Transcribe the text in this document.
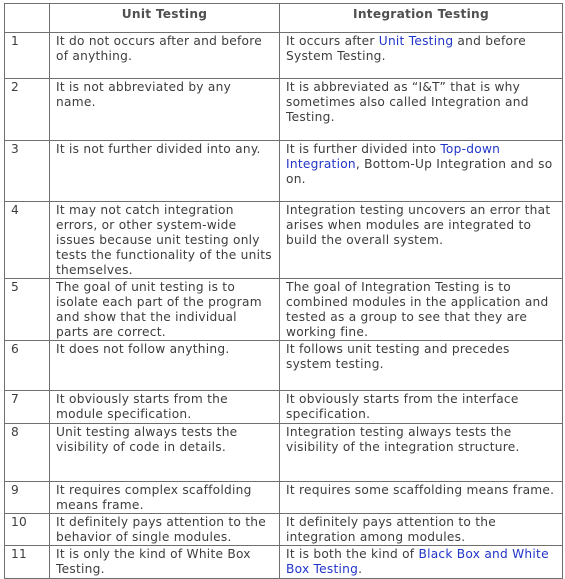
	Unit Testing	Integration Testing
1	It do not occurs after and before of anything.	It occurs after Unit Testing and before System Testing.
2	It is not abbreviated by any name.	It is abbreviated as “I&T” that is why sometimes also called Integration and Testing.
3	It is not further divided into any.	It is further divided into Top-down Integration, Bottom-Up Integration and so on.
4	It may not catch integration errors, or other system-wide issues because unit testing only tests the functionality of the units themselves.	Integration testing uncovers an error that arises when modules are integrated to build the overall system.
5	The goal of unit testing is to isolate each part of the program and show that the individual parts are correct.	The goal of Integration Testing is to combined modules in the application and tested as a group to see that they are working fine.
6	It does not follow anything.	It follows unit testing and precedes system testing.
7	It obviously starts from the module specification.	It obviously starts from the interface specification.
8	Unit testing always tests the visibility of code in details.	Integration testing always tests the visibility of the integration structure.
9	It requires complex scaffolding means frame.	It requires some scaffolding means frame.
10	It definitely pays attention to the behavior of single modules.	It definitely pays attention to the integration among modules.
11	It is only the kind of White Box Testing.	It is both the kind of Black Box and White Box Testing.
